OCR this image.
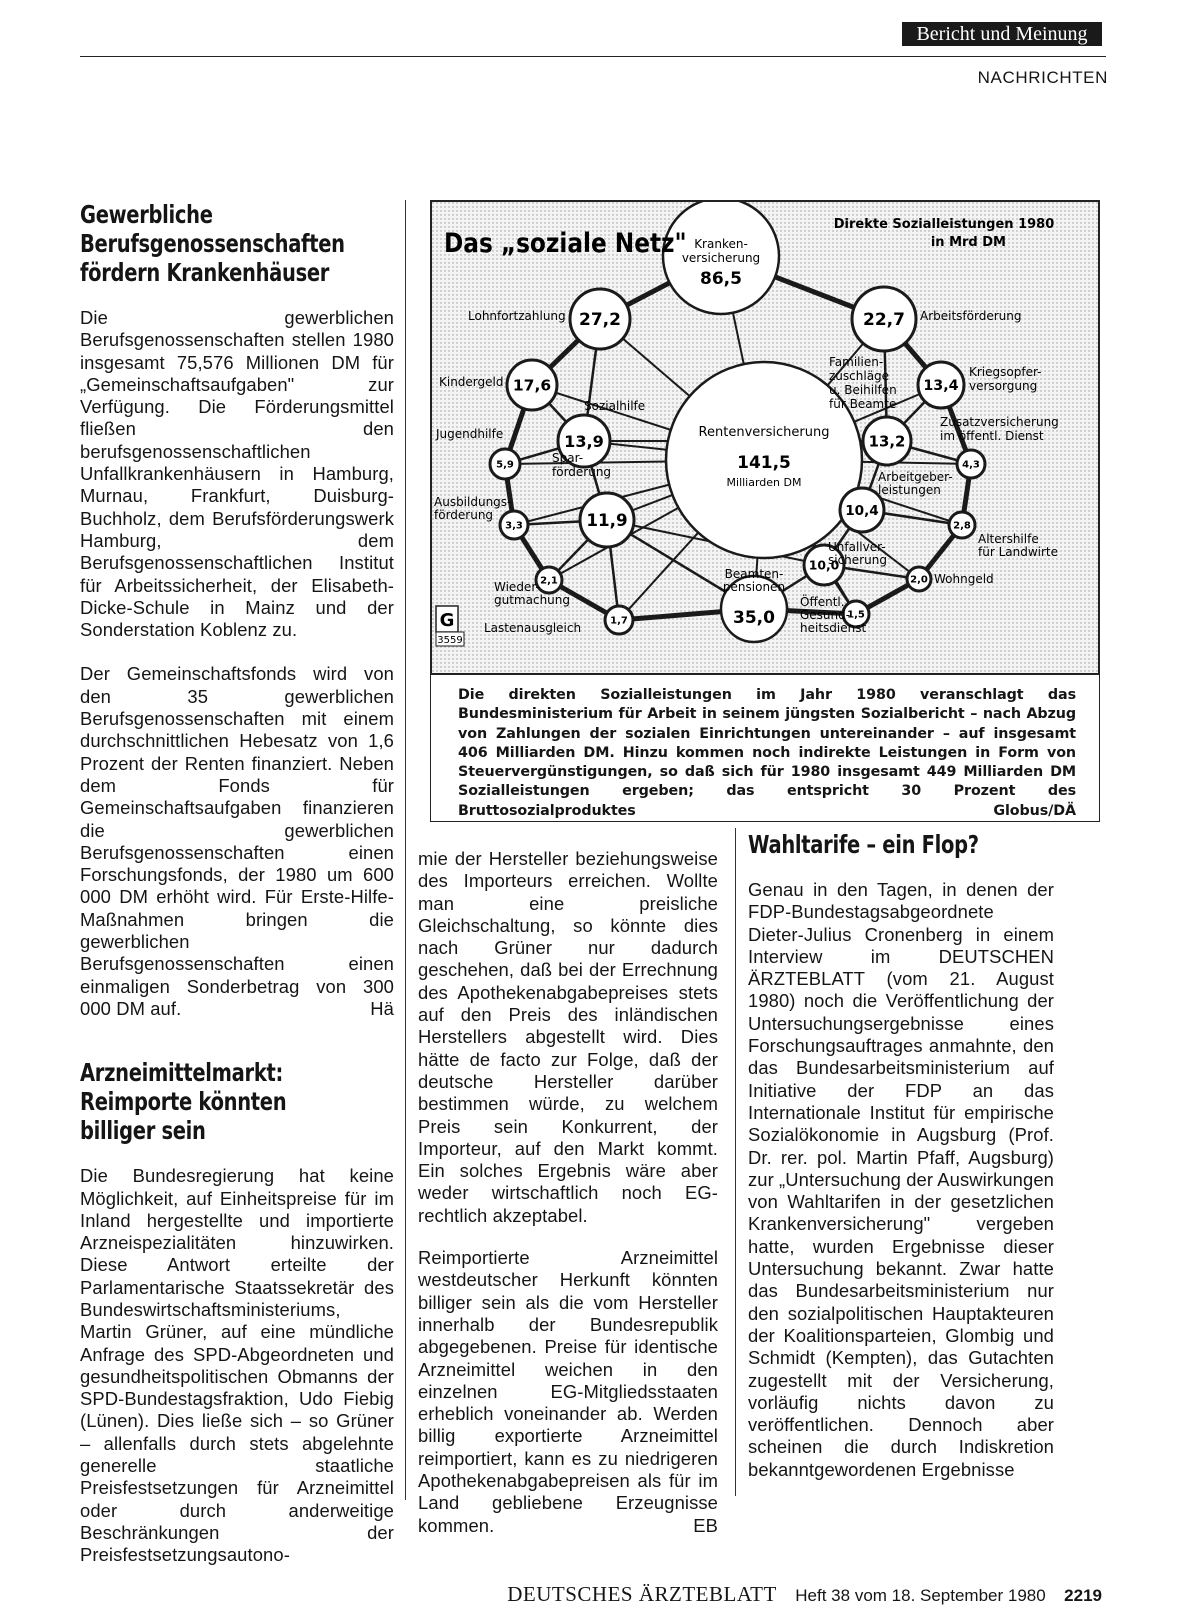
Bericht und Meinung
NACHRICHTEN
Gewerbliche Berufsgenossenschaften fördern Krankenhäuser

Die gewerblichen Berufsgenossenschaften stellen 1980 insgesamt 75,576 Millionen DM für „Gemeinschaftsaufgaben" zur Verfügung. Die Förderungsmittel fließen den berufsgenossenschaftlichen Unfallkrankenhäusern in Hamburg, Murnau, Frankfurt, Duisburg-Buchholz, dem Berufsförderungswerk Hamburg, dem Berufsgenossenschaftlichen Institut für Arbeitssicherheit, der Elisabeth-Dicke-Schule in Mainz und der Sonderstation Koblenz zu.

Der Gemeinschaftsfonds wird von den 35 gewerblichen Berufsgenossenschaften mit einem durchschnittlichen Hebesatz von 1,6 Prozent der Renten finanziert. Neben dem Fonds für Gemeinschaftsaufgaben finanzieren die gewerblichen Berufsgenossenschaften einen Forschungsfonds, der 1980 um 600 000 DM erhöht wird. Für Erste-Hilfe-Maßnahmen bringen die gewerblichen Berufsgenossenschaften einen einmaligen Sonderbetrag von 300 000 DM auf.	Hä

Arzneimittelmarkt: Reimporte könnten billiger sein

Die Bundesregierung hat keine Möglichkeit, auf Einheitspreise für im Inland hergestellte und importierte Arzneispezialitäten hinzuwirken. Diese Antwort erteilte der Parlamentarische Staatssekretär des Bundeswirtschaftsministeriums, Martin Grüner, auf eine mündliche Anfrage des SPD-Abgeordneten und gesundheitspolitischen Obmanns der SPD-Bundestagsfraktion, Udo Fiebig (Lünen). Dies ließe sich – so Grüner – allenfalls durch stets abgelehnte generelle staatliche Preisfestsetzungen für Arzneimittel oder durch anderweitige Beschränkungen der Preisfestsetzungsautono-

Rentenversicherung
141,5
Milliarden DM
Kranken-
versicherung
86,5
27,2
Lohnfortzahlung	22,7 Arbeitsförderung
17,6
Kindergeld
13,9
Sozialhilfe
13,2
Familien-
zuschläge
u. Beihilfen
für Beamte
13,4
Kriegsopfer-
versorgung
11,9
Spar-
förderung
10,4
Arbeitgeber-
leistungen
10,0
Unfallver-
sicherung
35,0
Beamten-
pensionen
5,9
Jugendhilfe
4,3
Zusatzversicherung
im öffentl. Dienst
3,3
Ausbildungs-
förderung
2,8
Altershilfe
für Landwirte
2,1
Wieder-
gutmachung
2,0 Wohngeld
1,7
Lastenausgleich
1,5
Öffentl.
Gesund-
heitsdienst
Das „soziale Netz"
Direkte Sozialleistungen 1980
in Mrd DM
G
3559

Die direkten Sozialleistungen im Jahr 1980 veranschlagt das Bundesministerium für Arbeit in seinem jüngsten Sozialbericht – nach Abzug von Zahlungen der sozialen Einrichtungen untereinander – auf insgesamt 406 Milliarden DM. Hinzu kommen noch indirekte Leistungen in Form von Steuervergünstigungen, so daß sich für 1980 insgesamt 449 Milliarden DM Sozialleistungen ergeben; das entspricht 30 Prozent des Bruttosozialproduktes	Globus/DÄ

mie der Hersteller beziehungsweise des Importeurs erreichen. Wollte man eine preisliche Gleichschaltung, so könnte dies nach Grüner nur dadurch geschehen, daß bei der Errechnung des Apothekenabgabepreises stets auf den Preis des inländischen Herstellers abgestellt wird. Dies hätte de facto zur Folge, daß der deutsche Hersteller darüber bestimmen würde, zu welchem Preis sein Konkurrent, der Importeur, auf den Markt kommt. Ein solches Ergebnis wäre aber weder wirtschaftlich noch EG-rechtlich akzeptabel.

Reimportierte Arzneimittel westdeutscher Herkunft könnten billiger sein als die vom Hersteller innerhalb der Bundesrepublik abgegebenen. Preise für identische Arzneimittel weichen in den einzelnen EG-Mitgliedsstaaten erheblich voneinander ab. Werden billig exportierte Arzneimittel reimportiert, kann es zu niedrigeren Apothekenabgabepreisen als für im Land gebliebene Erzeugnisse kommen.	EB

Wahltarife – ein Flop?

Genau in den Tagen, in denen der FDP-Bundestagsabgeordnete Dieter-Julius Cronenberg in einem Interview im DEUTSCHEN ÄRZTEBLATT (vom 21. August 1980) noch die Veröffentlichung der Untersuchungsergebnisse eines Forschungsauftrages anmahnte, den das Bundesarbeitsministerium auf Initiative der FDP an das Internationale Institut für empirische Sozialökonomie in Augsburg (Prof. Dr. rer. pol. Martin Pfaff, Augsburg) zur „Untersuchung der Auswirkungen von Wahltarifen in der gesetzlichen Krankenversicherung" vergeben hatte, wurden Ergebnisse dieser Untersuchung bekannt. Zwar hatte das Bundesarbeitsministerium nur den sozialpolitischen Hauptakteuren der Koalitionsparteien, Glombig und Schmidt (Kempten), das Gutachten zugestellt mit der Versicherung, vorläufig nichts davon zu veröffentlichen. Dennoch aber scheinen die durch Indiskretion bekanntgewordenen Ergebnisse

DEUTSCHES ÄRZTEBLATT Heft 38 vom 18. September 1980 2219
